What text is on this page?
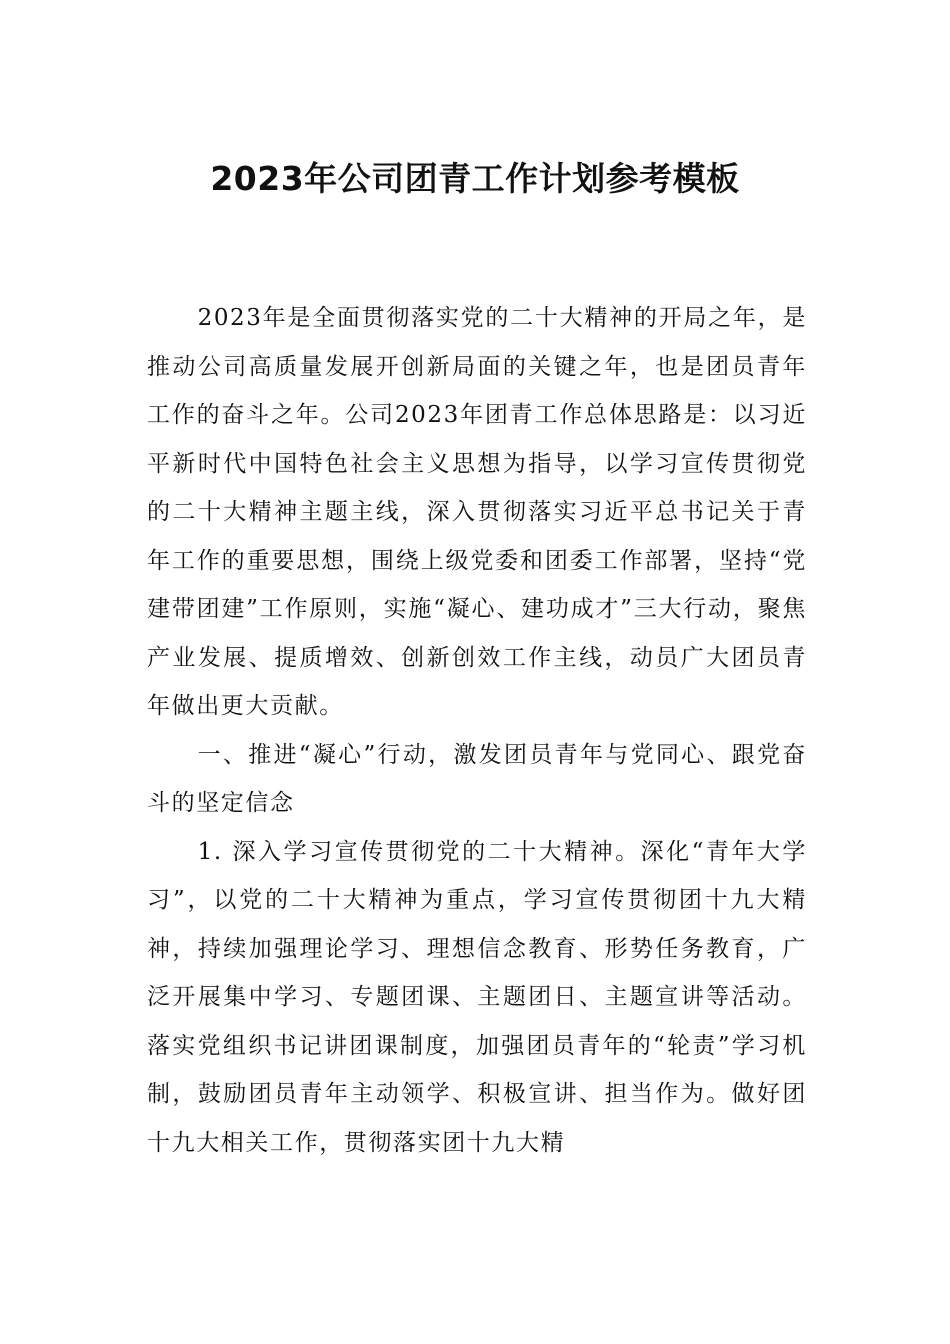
2023年公司团青工作计划参考模板

2023年是全面贯彻落实党的二十大精神的开局之年，是推动公司高质量发展开创新局面的关键之年，也是团员青年工作的奋斗之年。公司2023年团青工作总体思路是：以习近平新时代中国特色社会主义思想为指导，以学习宣传贯彻党的二十大精神主题主线，深入贯彻落实习近平总书记关于青年工作的重要思想，围绕上级党委和团委工作部署，坚持“党建带团建”工作原则，实施“凝心、建功成才”三大行动，聚焦产业发展、提质增效、创新创效工作主线，动员广大团员青年做出更大贡献。

一、推进“凝心”行动，激发团员青年与党同心、跟党奋斗的坚定信念

1. 深入学习宣传贯彻党的二十大精神。深化“青年大学习”，以党的二十大精神为重点，学习宣传贯彻团十九大精神，持续加强理论学习、理想信念教育、形势任务教育，广泛开展集中学习、专题团课、主题团日、主题宣讲等活动。落实党组织书记讲团课制度，加强团员青年的“轮责”学习机制，鼓励团员青年主动领学、积极宣讲、担当作为。做好团十九大相关工作，贯彻落实团十九大精
